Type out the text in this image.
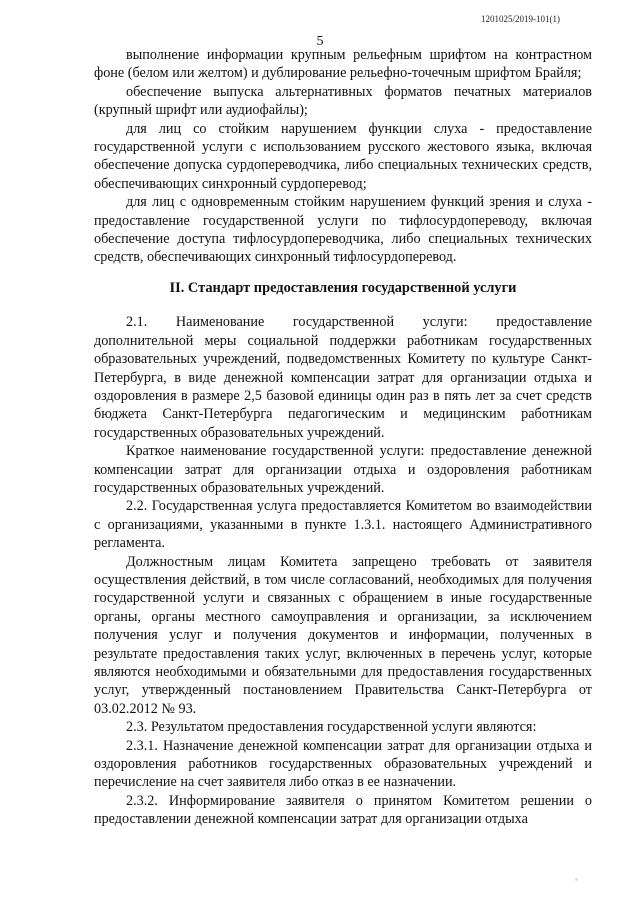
1201025/2019-101(1)
5

выполнение информации крупным рельефным шрифтом на контрастном фоне (белом или желтом) и дублирование рельефно-точечным шрифтом Брайля;

обеспечение выпуска альтернативных форматов печатных материалов (крупный шрифт или аудиофайлы);

для лиц со стойким нарушением функции слуха - предоставление государственной услуги с использованием русского жестового языка, включая обеспечение допуска сурдопереводчика, либо специальных технических средств, обеспечивающих синхронный сурдоперевод;

для лиц с одновременным стойким нарушением функций зрения и слуха - предоставление государственной услуги по тифлосурдопереводу, включая обеспечение доступа тифлосурдопереводчика, либо специальных технических средств, обеспечивающих синхронный тифлосурдоперевод.

II. Стандарт предоставления государственной услуги

2.1. Наименование государственной услуги: предоставление дополнительной меры социальной поддержки работникам государственных образовательных учреждений, подведомственных Комитету по культуре Санкт-Петербурга, в виде денежной компенсации затрат для организации отдыха и оздоровления в размере 2,5 базовой единицы один раз в пять лет за счет средств бюджета Санкт-Петербурга педагогическим и медицинским работникам государственных образовательных учреждений.

Краткое наименование государственной услуги: предоставление денежной компенсации затрат для организации отдыха и оздоровления работникам государственных образовательных учреждений.

2.2. Государственная услуга предоставляется Комитетом во взаимодействии с организациями, указанными в пункте 1.3.1. настоящего Административного регламента.

Должностным лицам Комитета запрещено требовать от заявителя осуществления действий, в том числе согласований, необходимых для получения государственной услуги и связанных с обращением в иные государственные органы, органы местного самоуправления и организации, за исключением получения услуг и получения документов и информации, полученных в результате предоставления таких услуг, включенных в перечень услуг, которые являются необходимыми и обязательными для предоставления государственных услуг, утвержденный постановлением Правительства Санкт-Петербурга от 03.02.2012 № 93.

2.3. Результатом предоставления государственной услуги являются:

2.3.1. Назначение денежной компенсации затрат для организации отдыха и оздоровления работников государственных образовательных учреждений и перечисление на счет заявителя либо отказ в ее назначении.

2.3.2. Информирование заявителя о принятом Комитетом решении о предоставлении денежной компенсации затрат для организации отдыха
